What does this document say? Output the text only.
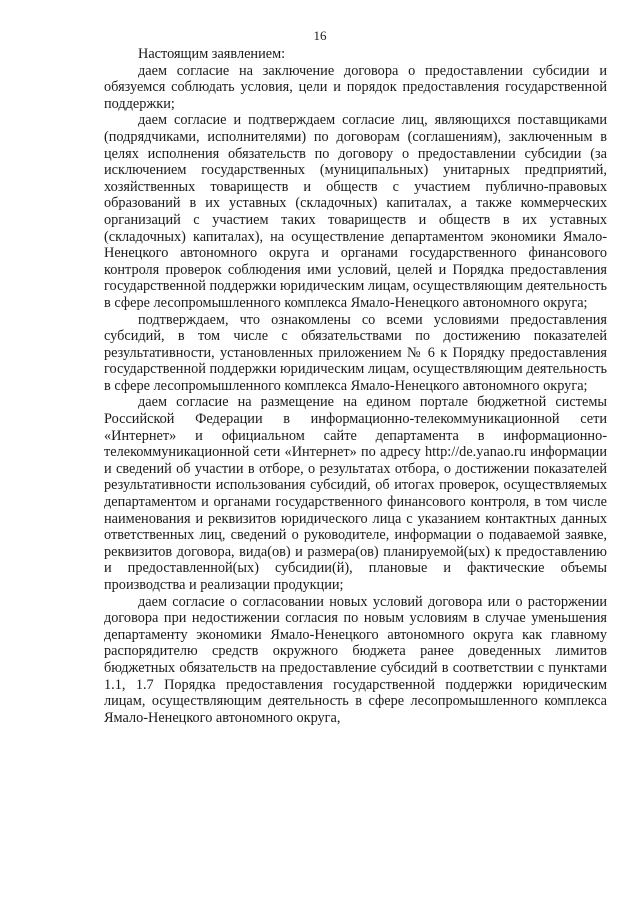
16

Настоящим заявлением:

даем согласие на заключение договора о предоставлении субсидии и обязуемся соблюдать условия, цели и порядок предоставления государственной поддержки;

даем согласие и подтверждаем согласие лиц, являющихся поставщиками (подрядчиками, исполнителями) по договорам (соглашениям), заключенным в целях исполнения обязательств по договору о предоставлении субсидии (за исключением государственных (муниципальных) унитарных предприятий, хозяйственных товариществ и обществ с участием публично-правовых образований в их уставных (складочных) капиталах, а также коммерческих организаций с участием таких товариществ и обществ в их уставных (складочных) капиталах), на осуществление департаментом экономики Ямало-Ненецкого автономного округа и органами государственного финансового контроля проверок соблюдения ими условий, целей и Порядка предоставления государственной поддержки юридическим лицам, осуществляющим деятельность в сфере лесопромышленного комплекса Ямало-Ненецкого автономного округа;

подтверждаем, что ознакомлены со всеми условиями предоставления субсидий, в том числе с обязательствами по достижению показателей результативности, установленных приложением № 6 к Порядку предоставления государственной поддержки юридическим лицам, осуществляющим деятельность в сфере лесопромышленного комплекса Ямало-Ненецкого автономного округа;

даем согласие на размещение на едином портале бюджетной системы Российской Федерации в информационно-телекоммуникационной сети «Интернет» и официальном сайте департамента в информационно-телекоммуникационной сети «Интернет» по адресу http://de.yanao.ru информации и сведений об участии в отборе, о результатах отбора, о достижении показателей результативности использования субсидий, об итогах проверок, осуществляемых департаментом и органами государственного финансового контроля, в том числе наименования и реквизитов юридического лица с указанием контактных данных ответственных лиц, сведений о руководителе, информации о подаваемой заявке, реквизитов договора, вида(ов) и размера(ов) планируемой(ых) к предоставлению и предоставленной(ых) субсидии(й), плановые и фактические объемы производства и реализации продукции;

даем согласие о согласовании новых условий договора или о расторжении договора при недостижении согласия по новым условиям в случае уменьшения департаменту экономики Ямало-Ненецкого автономного округа как главному распорядителю средств окружного бюджета ранее доведенных лимитов бюджетных обязательств на предоставление субсидий в соответствии с пунктами 1.1, 1.7 Порядка предоставления государственной поддержки юридическим лицам, осуществляющим деятельность в сфере лесопромышленного комплекса Ямало-Ненецкого автономного округа,
